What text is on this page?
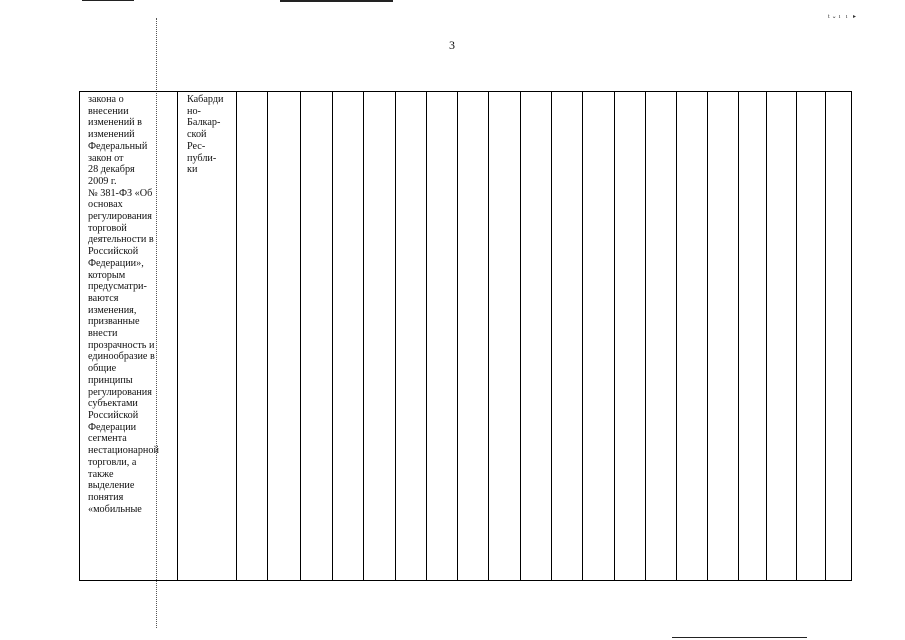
3
t⌄ı ı ▸
закона о
внесении
изменений в
изменений
Федеральный
закон от
28 декабря
2009 г.
№ 381-ФЗ «Об
основах
регулирования
торговой
деятельности в
Российской
Федерации»,
которым
предусматри-
ваются
изменения,
призванные
внести
прозрачность и
единообразие в
общие
принципы
регулирования
субъектами
Российской
Федерации
сегмента
нестационарной
торговли, а
также
выделение
понятия
«мобильные
Кабарди
но-
Балкар-
ской
Рес-
публи-
ки
